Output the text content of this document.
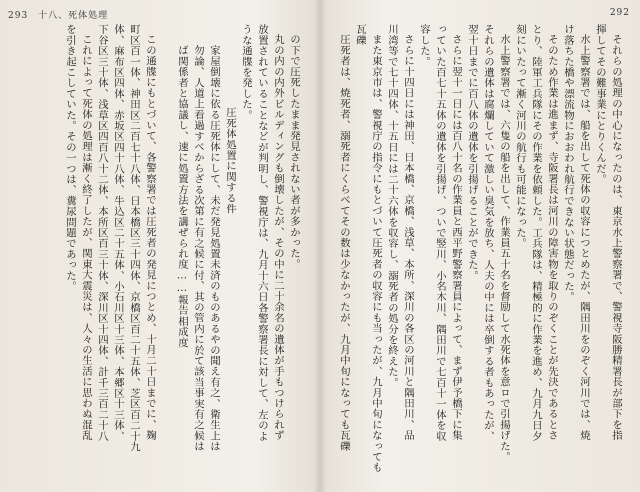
293　十八、死体処理

の下で圧死したまま発見されない者が多かった。

丸の内の内外ビルディングも倒壊したが、その中に二十余名の遺体が手もつけられず

放置されていることなどが判明し、警視庁は、九月十六日各警察署長に対して、左のよ

うな通牒を発した。

圧死体処置に関する件
家屋倒壊に依る圧死体にして、未だ発見処置未済のものあるやの聞え有之、衛生上は
勿論、人道上看過すべからざる次第に有之候に付、其の管内に於て該当事実有之候は
ば関係者と協議し、速に処置方法を講ぜられ度……報告相成度

この通牒にもとづいて、各警察署では圧死者の発見につとめ、十月二十日までに、麹

町区百一体、神田区二百七十八体、日本橋区三十四体、京橋区百二十五体、芝区百二十九

体、麻布区四体、赤坂区四十八体、牛込区二十五体、小石川区十三体、本郷区十三体、

下谷区三十体、浅草区四百八十二体、本所区百三十体、深川区十四体、計千三百二十八

これによって死体の処理は漸く終了したが、関東大震災は、人々の生活に思わぬ混乱

を引き起こしていた。その一つは、糞尿問題であった。

292

それらの処理の中心になったのは、東京水上警察署で、警視寺阪勝精署長が部下を指

揮してその難事業にとりくんだ。

水上警察署では、船を出して死体の収容につとめたが、隅田川をのぞく河川では、焼

け落ちた橋や漂流物におおわれ航行できない状態だった。

そのため作業は進まず、寺阪署長は河川の障害物を取りのぞくことが先決であるとさ

とり、陸軍工兵隊にその作業を依頼した。工兵隊は、精極的に作業を進め、九月九日夕

刻にいたって漸く河川の航行も可能になった。

水上警察署では、六隻の船を出して、作業員五十名を督励して水死体を意ロで引揚げた。

それらの遺体は腐爛していて激しい臭気を放ち、人夫の中には卒倒する者もあったが、

翌十日までに百八体の遺体を引揚げることができた。

さらに翌十一日には百八十名の作業員と西平野警察署員によって、まず伊予橋下に集

っていた百七十五体の遺体を引揚げ、ついで竪川、小名木川、隅田川で七百十一体を収

容した。

さらに十四日には神田、日本橋、京橋、浅草、本所、深川の各区の河川と隅田川、品

川湾等で七十四体、十五日には二十六体を収容し、溺死者の処分を終えた。

また東京市は、警視庁の指令にもとづいて圧死者の収容にも当ったが、九月中旬になっても瓦礫

圧死者は、焼死者、溺死者にくらべてその数は少なかったが、九月中旬になっても瓦礫
